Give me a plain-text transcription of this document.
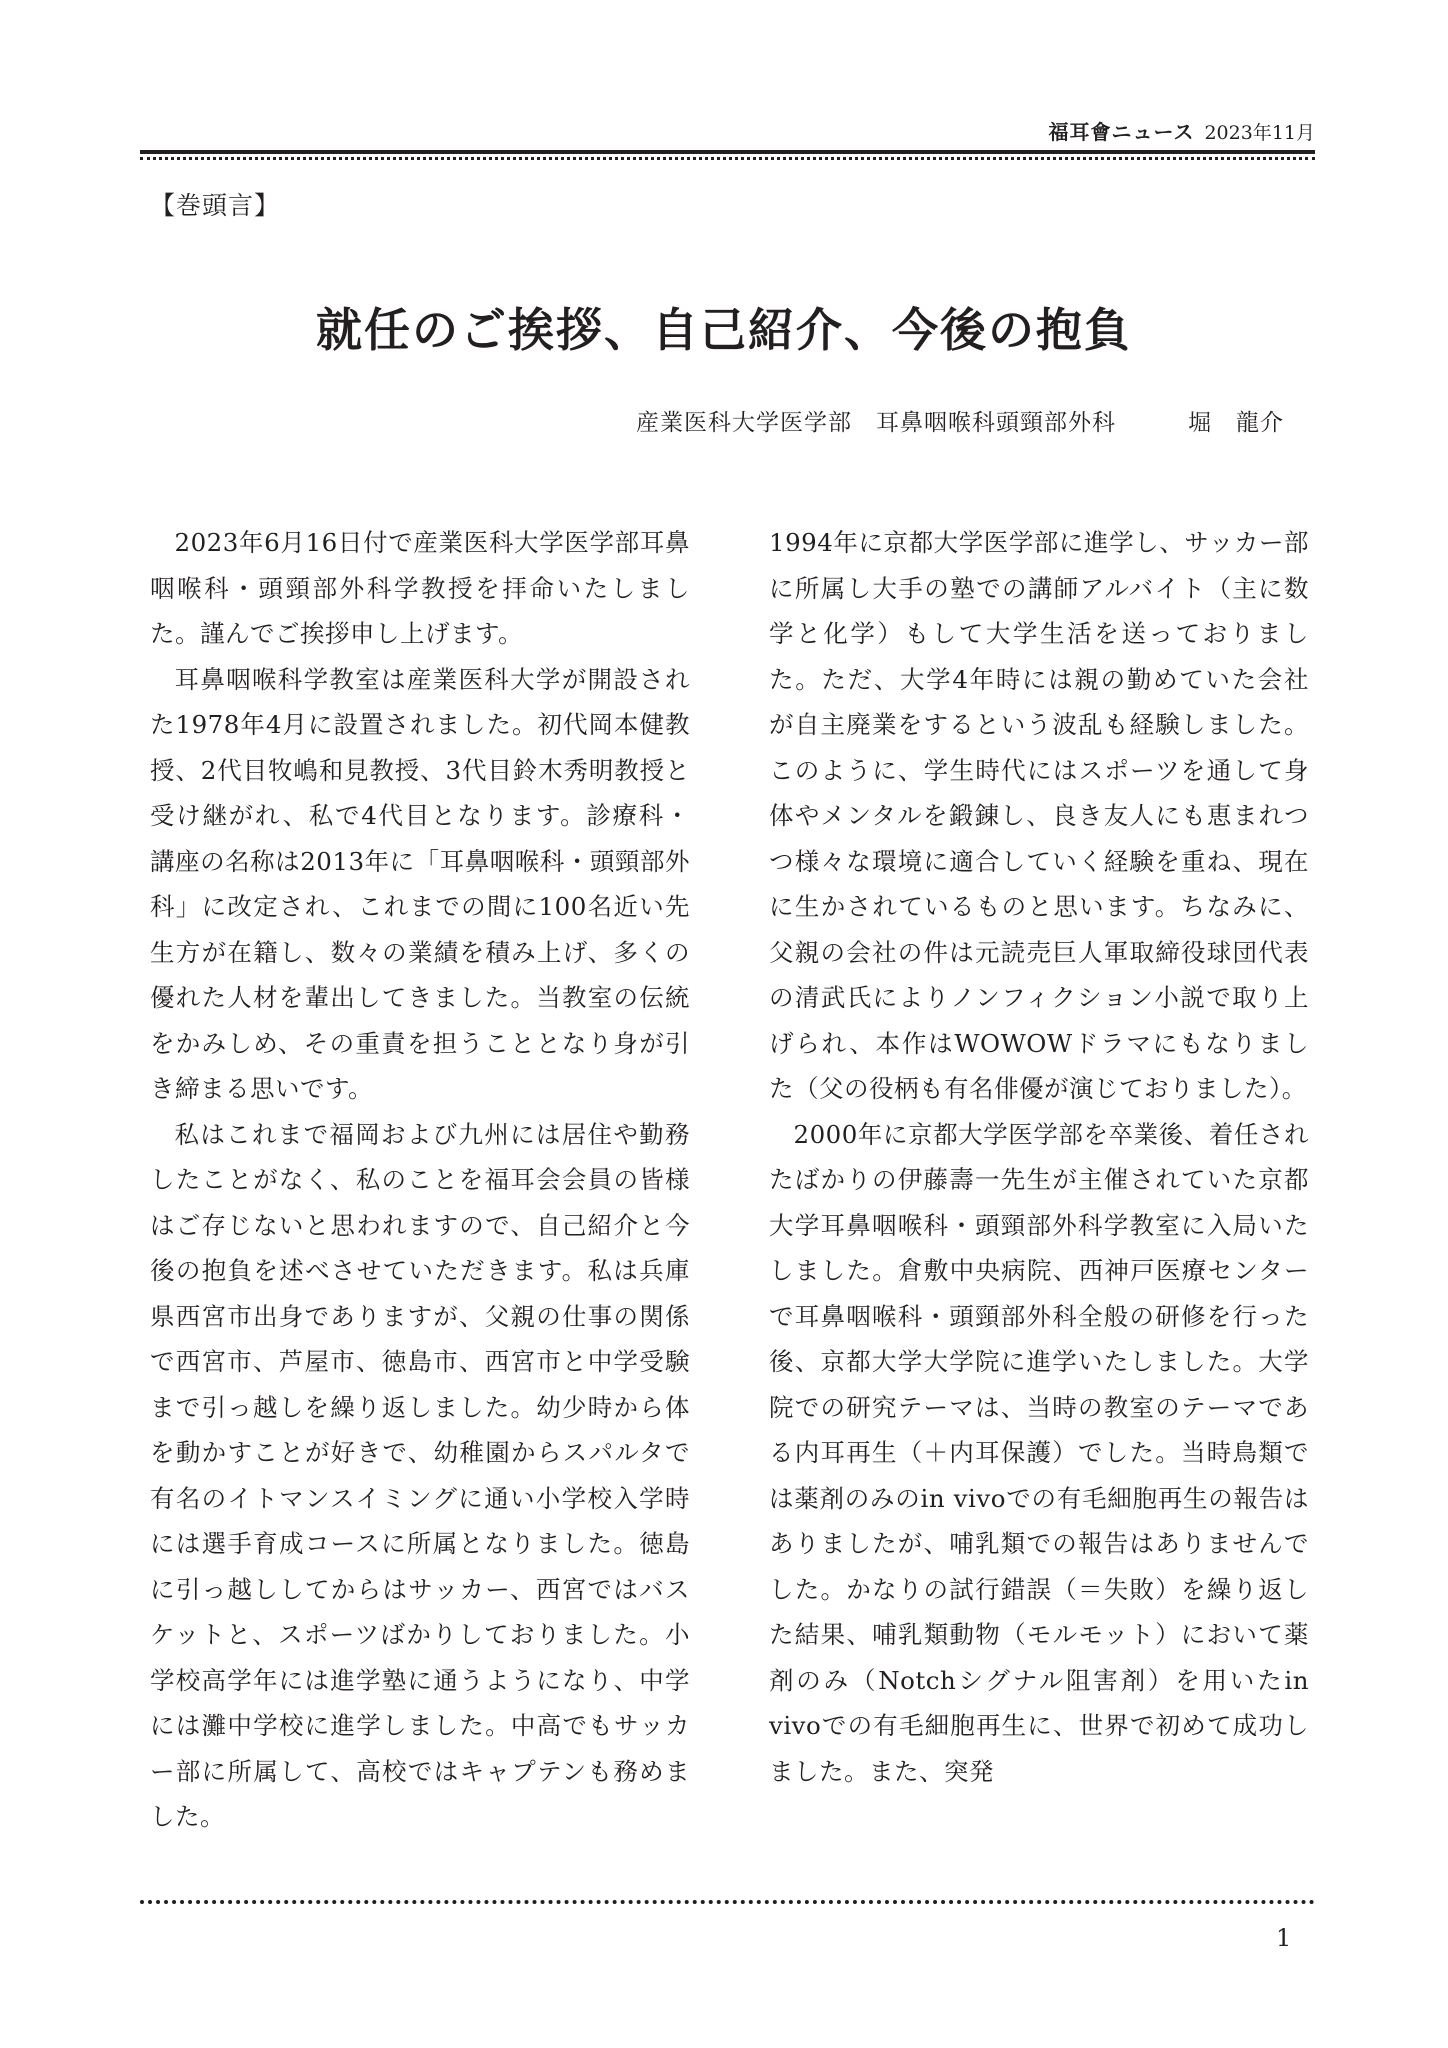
福耳會ニュース 2023年11月
【巻頭言】
就任のご挨拶、自己紹介、今後の抱負
産業医科大学医学部　耳鼻咽喉科頭頸部外科　　　	堀　龍介

2023年6月16日付で産業医科大学医学部耳鼻咽喉科・頭頸部外科学教授を拝命いたしました。謹んでご挨拶申し上げます。

耳鼻咽喉科学教室は産業医科大学が開設された1978年4月に設置されました。初代岡本健教授、2代目牧嶋和見教授、3代目鈴木秀明教授と受け継がれ、私で4代目となります。診療科・講座の名称は2013年に「耳鼻咽喉科・頭頸部外科」に改定され、これまでの間に100名近い先生方が在籍し、数々の業績を積み上げ、多くの優れた人材を輩出してきました。当教室の伝統をかみしめ、その重責を担うこととなり身が引き締まる思いです。

私はこれまで福岡および九州には居住や勤務したことがなく、私のことを福耳会会員の皆様はご存じないと思われますので、自己紹介と今後の抱負を述べさせていただきます。私は兵庫県西宮市出身でありますが、父親の仕事の関係で西宮市、芦屋市、徳島市、西宮市と中学受験まで引っ越しを繰り返しました。幼少時から体を動かすことが好きで、幼稚園からスパルタで有名のイトマンスイミングに通い小学校入学時には選手育成コースに所属となりました。徳島に引っ越ししてからはサッカー、西宮ではバスケットと、スポーツばかりしておりました。小学校高学年には進学塾に通うようになり、中学には灘中学校に進学しました。中高でもサッカー部に所属して、高校ではキャプテンも務めました。

1994年に京都大学医学部に進学し、サッカー部に所属し大手の塾での講師アルバイト（主に数学と化学）もして大学生活を送っておりました。ただ、大学4年時には親の勤めていた会社が自主廃業をするという波乱も経験しました。このように、学生時代にはスポーツを通して身体やメンタルを鍛錬し、良き友人にも恵まれつつ様々な環境に適合していく経験を重ね、現在に生かされているものと思います。ちなみに、父親の会社の件は元読売巨人軍取締役球団代表の清武氏によりノンフィクション小説で取り上げられ、本作はWOWOWドラマにもなりました（父の役柄も有名俳優が演じておりました）。

2000年に京都大学医学部を卒業後、着任されたばかりの伊藤壽一先生が主催されていた京都大学耳鼻咽喉科・頭頸部外科学教室に入局いたしました。倉敷中央病院、西神戸医療センターで耳鼻咽喉科・頭頸部外科全般の研修を行った後、京都大学大学院に進学いたしました。大学院での研究テーマは、当時の教室のテーマである内耳再生（＋内耳保護）でした。当時鳥類では薬剤のみのin vivoでの有毛細胞再生の報告はありましたが、哺乳類での報告はありませんでした。かなりの試行錯誤（＝失敗）を繰り返した結果、哺乳類動物（モルモット）において薬剤のみ（Notchシグナル阻害剤）を用いたin vivoでの有毛細胞再生に、世界で初めて成功しました。また、突発

1
